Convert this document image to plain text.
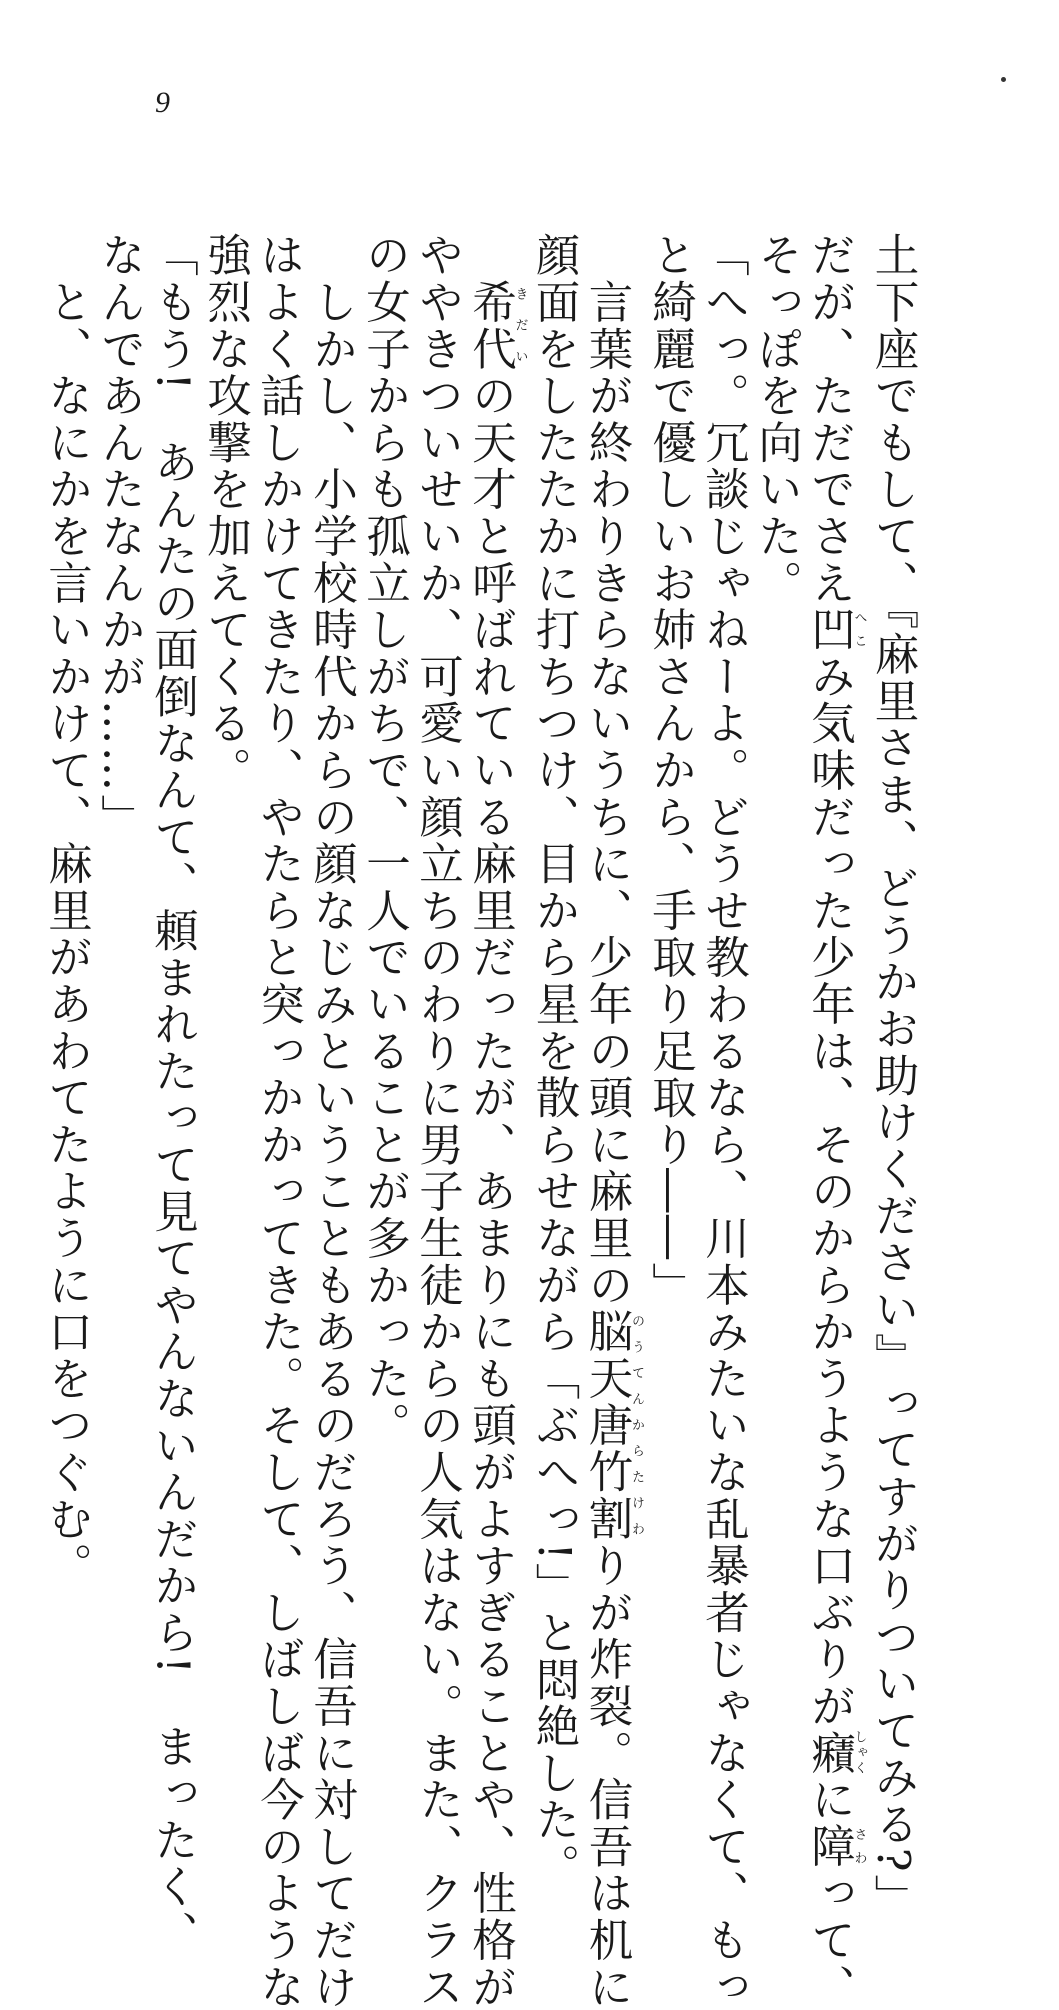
9

土下座でもして、『麻里さま、どうかお助けください』ってすがりついてみる?」

だが、ただでさえ凹へこみ気味だった少年は、そのからかうような口ぶりが癪しゃくに障さわって、

そっぽを向いた。

「へっ。冗談じゃねーよ。どうせ教わるなら、川本みたいな乱暴者じゃなくて、もっ

と綺麗で優しいお姉さんから、手取り足取り――」

　言葉が終わりきらないうちに、少年の頭に麻里の脳天唐竹割のうてんからたけわりが炸裂。信吾は机に

顔面をしたたかに打ちつけ、目から星を散らせながら「ぶへっ!」と悶絶した。

　希代きだいの天才と呼ばれている麻里だったが、あまりにも頭がよすぎることや、性格が

ややきついせいか、可愛い顔立ちのわりに男子生徒からの人気はない。また、クラス

の女子からも孤立しがちで、一人でいることが多かった。

　しかし、小学校時代からの顔なじみということもあるのだろう、信吾に対してだけ

はよく話しかけてきたり、やたらと突っかかってきた。そして、しばしば今のような

強烈な攻撃を加えてくる。

「もう!　あんたの面倒なんて、頼まれたって見てやんないんだから!　まったく、

なんであんたなんかが……」

　と、なにかを言いかけて、麻里があわてたように口をつぐむ。
